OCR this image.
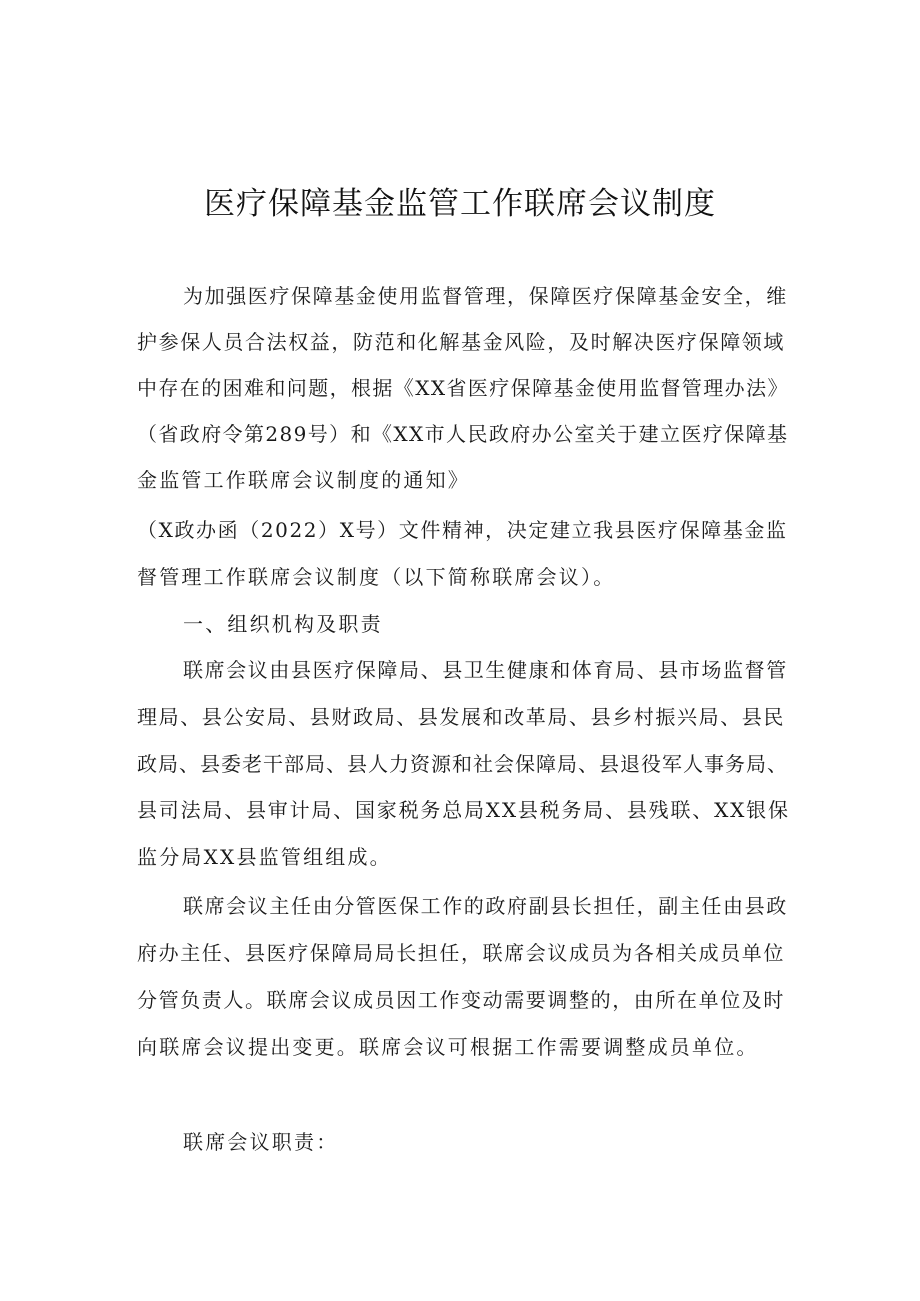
医疗保障基金监管工作联席会议制度
为加强医疗保障基金使用监督管理，保障医疗保障基金安全，维
护参保人员合法权益，防范和化解基金风险，及时解决医疗保障领域
中存在的困难和问题，根据《XX省医疗保障基金使用监督管理办法》
（省政府令第289号）和《XX市人民政府办公室关于建立医疗保障基
金监管工作联席会议制度的通知》
（X政办函（2022）X号）文件精神，决定建立我县医疗保障基金监
督管理工作联席会议制度（以下简称联席会议）。
一、组织机构及职责
联席会议由县医疗保障局、县卫生健康和体育局、县市场监督管
理局、县公安局、县财政局、县发展和改革局、县乡村振兴局、县民
政局、县委老干部局、县人力资源和社会保障局、县退役军人事务局、
县司法局、县审计局、国家税务总局XX县税务局、县残联、XX银保
监分局XX县监管组组成。
联席会议主任由分管医保工作的政府副县长担任，副主任由县政
府办主任、县医疗保障局局长担任，联席会议成员为各相关成员单位
分管负责人。联席会议成员因工作变动需要调整的，由所在单位及时
向联席会议提出变更。联席会议可根据工作需要调整成员单位。
联席会议职责：
